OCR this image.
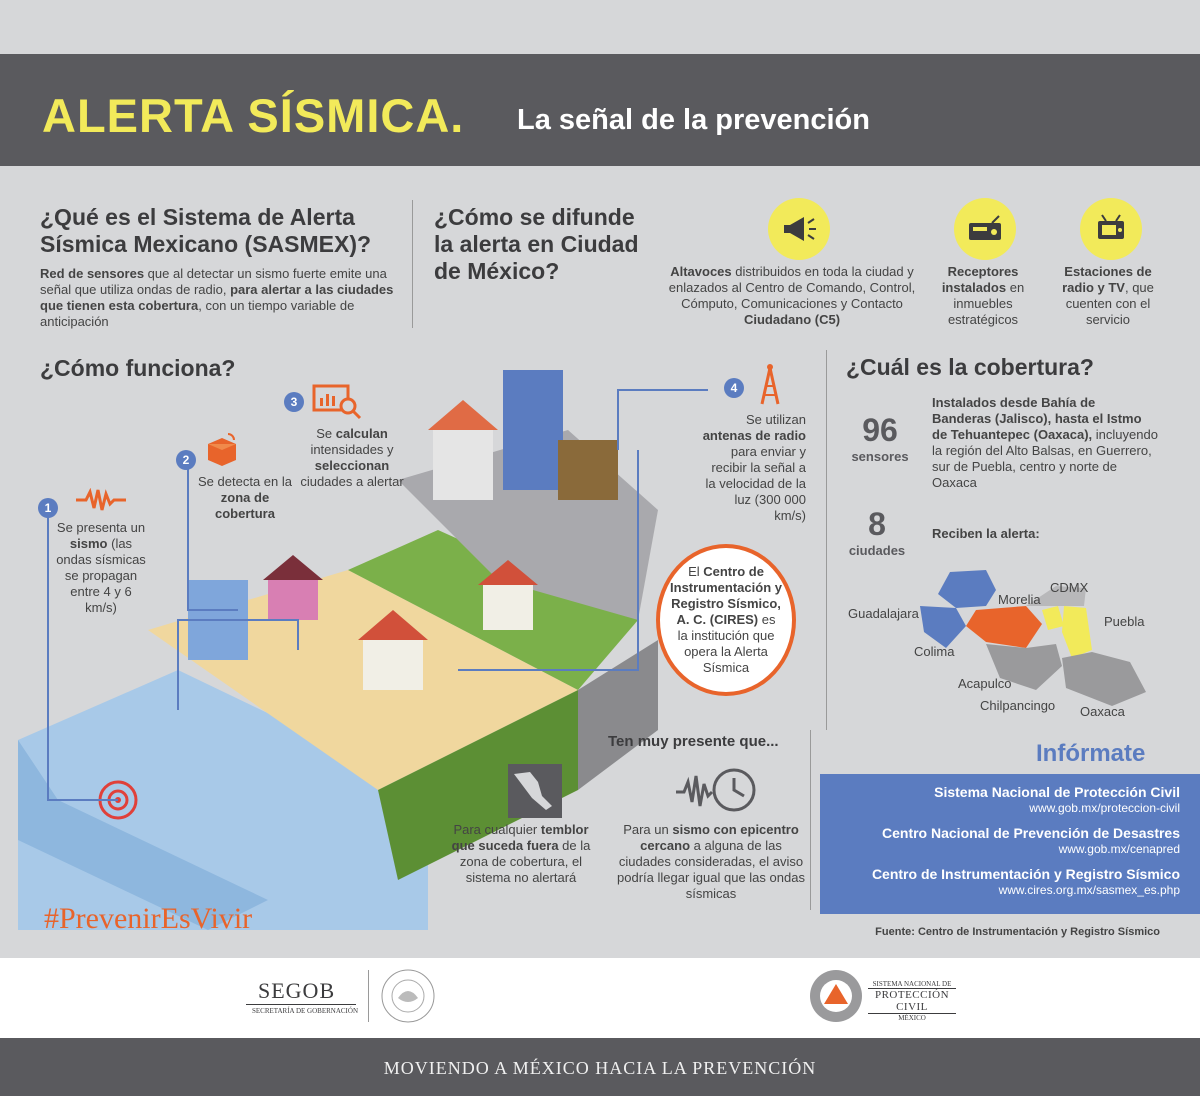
ALERTA SÍSMICA. La señal de la prevención
¿Qué es el Sistema de Alerta Sísmica Mexicano (SASMEX)?
Red de sensores que al detectar un sismo fuerte emite una señal que utiliza ondas de radio, para alertar a las ciudades que tienen esta cobertura, con un tiempo variable de anticipación
¿Cómo se difunde la alerta en Ciudad de México?	Altavoces distribuidos en toda la ciudad y enlazados al Centro de Comando, Control, Cómputo, Comunicaciones y Contacto Ciudadano (C5)
Receptores instalados en inmuebles estratégicos
Estaciones de radio y TV, que cuenten con el servicio
¿Cómo funciona?
1
Se presenta un sismo (las ondas sísmicas se propagan entre 4 y 6 km/s)
2
Se detecta en la zona de cobertura
3
Se calculan intensidades y seleccionan ciudades a alertar
4
Se utilizan antenas de radio para enviar y recibir la señal a la velocidad de la luz (300 000 km/s)
El Centro de Instrumentación y Registro Sísmico, A. C. (CIRES) es la institución que opera la Alerta Sísmica
¿Cuál es la cobertura?
96
sensores
Instalados desde Bahía de Banderas (Jalisco), hasta el Istmo de Tehuantepec (Oaxaca), incluyendo la región del Alto Balsas, en Guerrero, sur de Puebla, centro y norte de Oaxaca
8
ciudades
Reciben la alerta:
CDMX
Morelia
Guadalajara
Puebla
Colima
Acapulco
Chilpancingo Oaxaca
Ten muy presente que...
Para cualquier temblor que suceda fuera de la zona de cobertura, el sistema no alertará
Para un sismo con epicentro cercano a alguna de las ciudades consideradas, el aviso podría llegar igual que las ondas sísmicas
Infórmate
Sistema Nacional de Protección Civil
www.gob.mx/proteccion-civil
Centro Nacional de Prevención de Desastres
www.gob.mx/cenapred
Centro de Instrumentación y Registro Sísmico
www.cires.org.mx/sasmex_es.php
Fuente: Centro de Instrumentación y Registro Sísmico
#PrevenirEsVivir
SEGOB
SECRETARÍA DE GOBERNACIÓN
SISTEMA NACIONAL DE
PROTECCIÓN CIVIL
MÉXICO
MOVIENDO A MÉXICO HACIA LA PREVENCIÓN
